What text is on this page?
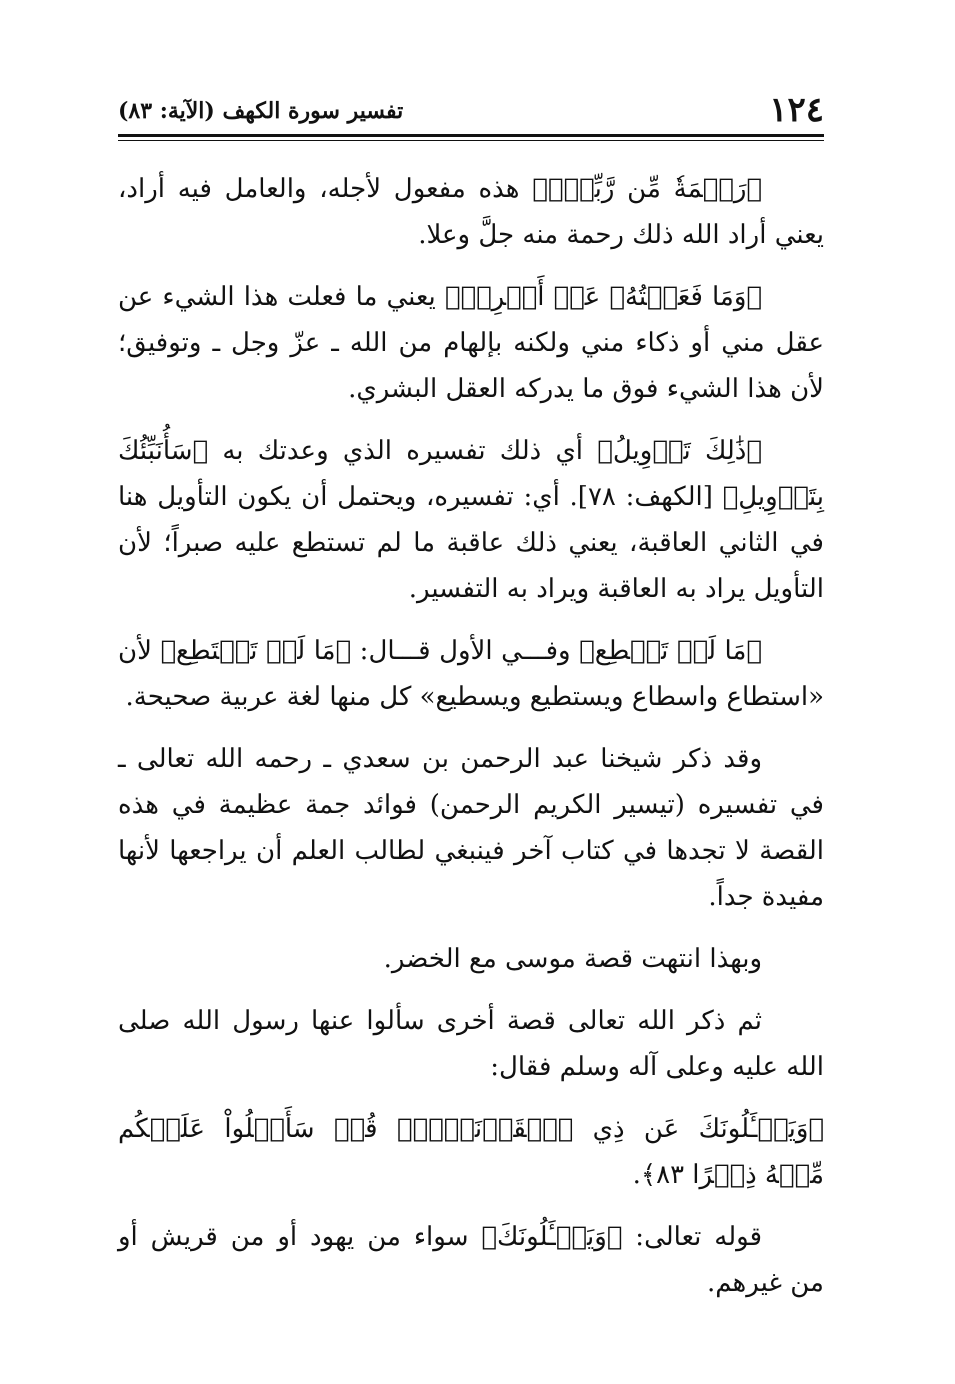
١٢٤
تفسير سورة الكهف (الآية: ٨٣)

﴿رَحۡمَةٗ مِّن رَّبِّكَۚ﴾ هذه مفعول لأجله، والعامل فيه أراد، يعني أراد الله ذلك رحمة منه جلَّ وعلا.

﴿وَمَا فَعَلۡتُهُۥ عَنۡ أَمۡرِيۚ﴾ يعني ما فعلت هذا الشيء عن عقل مني أو ذكاء مني ولكنه بإلهام من الله ـ عزّ وجل ـ وتوفيق؛ لأن هذا الشيء فوق ما يدركه العقل البشري.

﴿ذَٰلِكَ تَأۡوِيلُ﴾ أي ذلك تفسيره الذي وعدتك به ﴿سَأُنَبِّئُكَ بِتَأۡوِيلِ﴾ [الكهف: ٧٨]. أي: تفسيره، ويحتمل أن يكون التأويل هنا في الثاني العاقبة، يعني ذلك عاقبة ما لم تستطع عليه صبراً؛ لأن التأويل يراد به العاقبة ويراد به التفسير.

﴿مَا لَمۡ تَسۡطِع﴾ وفـــي الأول قـــال: ﴿مَا لَمۡ تَسۡتَطِع﴾ لأن «استطاع واسطاع ويستطيع ويسطيع» كل منها لغة عربية صحيحة.

وقد ذكر شيخنا عبد الرحمن بن سعدي ـ رحمه الله تعالى ـ في تفسيره (تيسير الكريم الرحمن) فوائد جمة عظيمة في هذه القصة لا تجدها في كتاب آخر فينبغي لطالب العلم أن يراجعها لأنها مفيدة جداً.

وبهذا انتهت قصة موسى مع الخضر.

ثم ذكر الله تعالى قصة أخرى سألوا عنها رسول الله صلى الله عليه وعلى آله وسلم فقال:

﴿وَيَسۡـَٔلُونَكَ عَن ذِي ٱلۡقَرۡنَيۡنِۖ قُلۡ سَأَتۡلُواْ عَلَيۡكُم مِّنۡهُ ذِكۡرًا ٨٣﴾.

قوله تعالى: ﴿وَيَسۡـَٔلُونَكَ﴾ سواء من يهود أو من قريش أو من غيرهم.
